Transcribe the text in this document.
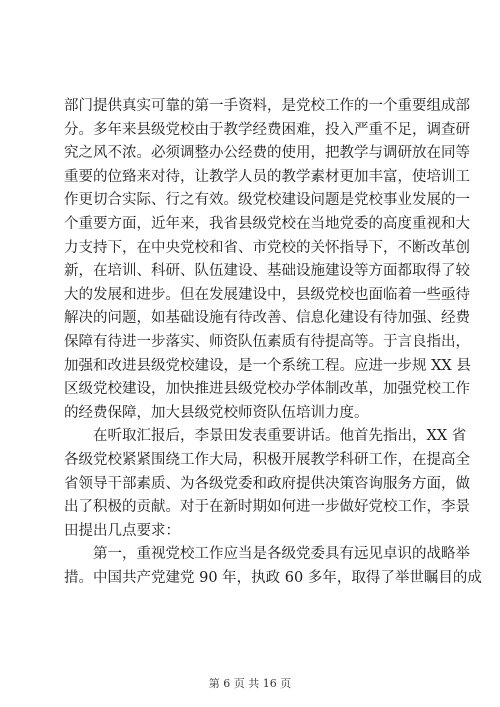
部门提供真实可靠的第一手资料，是党校工作的一个重要组成部
分。多年来县级党校由于教学经费困难，投入严重不足，调查研
究之风不浓。必须调整办公经费的使用，把教学与调研放在同等
重要的位臵来对待，让教学人员的教学素材更加丰富，使培训工
作更切合实际、行之有效。级党校建设问题是党校事业发展的一
个重要方面，近年来，我省县级党校在当地党委的高度重视和大
力支持下，在中央党校和省、市党校的关怀指导下，不断改革创
新，在培训、科研、队伍建设、基础设施建设等方面都取得了较
大的发展和进步。但在发展建设中，县级党校也面临着一些亟待
解决的问题，如基础设施有待改善、信息化建设有待加强、经费
保障有待进一步落实、师资队伍素质有待提高等。于言良指出，
加强和改进县级党校建设，是一个系统工程。应进一步规 XX 县
区级党校建设，加快推进县级党校办学体制改革，加强党校工作
的经费保障，加大县级党校师资队伍培训力度。
　　在听取汇报后，李景田发表重要讲话。他首先指出，XX 省
各级党校紧紧围绕工作大局，积极开展教学科研工作，在提高全
省领导干部素质、为各级党委和政府提供决策咨询服务方面，做
出了积极的贡献。对于在新时期如何进一步做好党校工作，李景
田提出几点要求：
　　第一，重视党校工作应当是各级党委具有远见卓识的战略举
措。中国共产党建党 90 年，执政 60 多年，取得了举世瞩目的成
第 6 页 共 16 页
